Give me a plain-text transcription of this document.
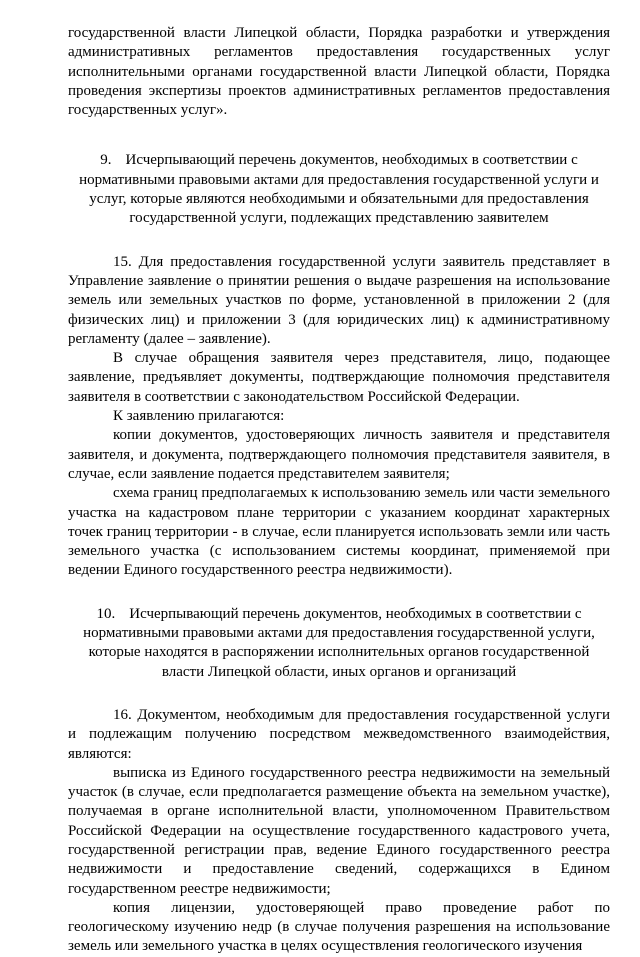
государственной власти Липецкой области, Порядка разработки и утверждения административных регламентов предоставления государственных услуг исполнительными органами государственной власти Липецкой области, Порядка проведения экспертизы проектов административных регламентов предоставления государственных услуг».

9. Исчерпывающий перечень документов, необходимых в соответствии с нормативными правовыми актами для предоставления государственной услуги и услуг, которые являются необходимыми и обязательными для предоставления государственной услуги, подлежащих представлению заявителем

15. Для предоставления государственной услуги заявитель представляет в Управление заявление о принятии решения о выдаче разрешения на использование земель или земельных участков по форме, установленной в приложении 2 (для физических лиц) и приложении 3 (для юридических лиц) к административному регламенту (далее – заявление).

В случае обращения заявителя через представителя, лицо, подающее заявление, предъявляет документы, подтверждающие полномочия представителя заявителя в соответствии с законодательством Российской Федерации.

К заявлению прилагаются:

копии документов, удостоверяющих личность заявителя и представителя заявителя, и документа, подтверждающего полномочия представителя заявителя, в случае, если заявление подается представителем заявителя;

схема границ предполагаемых к использованию земель или части земельного участка на кадастровом плане территории с указанием координат характерных точек границ территории - в случае, если планируется использовать земли или часть земельного участка (с использованием системы координат, применяемой при ведении Единого государственного реестра недвижимости).

10. Исчерпывающий перечень документов, необходимых в соответствии с нормативными правовыми актами для предоставления государственной услуги, которые находятся в распоряжении исполнительных органов государственной власти Липецкой области, иных органов и организаций

16. Документом, необходимым для предоставления государственной услуги и подлежащим получению посредством межведомственного взаимодействия, являются:

выписка из Единого государственного реестра недвижимости на земельный участок (в случае, если предполагается размещение объекта на земельном участке), получаемая в органе исполнительной власти, уполномоченном Правительством Российской Федерации на осуществление государственного кадастрового учета, государственной регистрации прав, ведение Единого государственного реестра недвижимости и предоставление сведений, содержащихся в Едином государственном реестре недвижимости;

копия лицензии, удостоверяющей право проведение работ по геологическому изучению недр (в случае получения разрешения на использование земель или земельного участка в целях осуществления геологического изучения
